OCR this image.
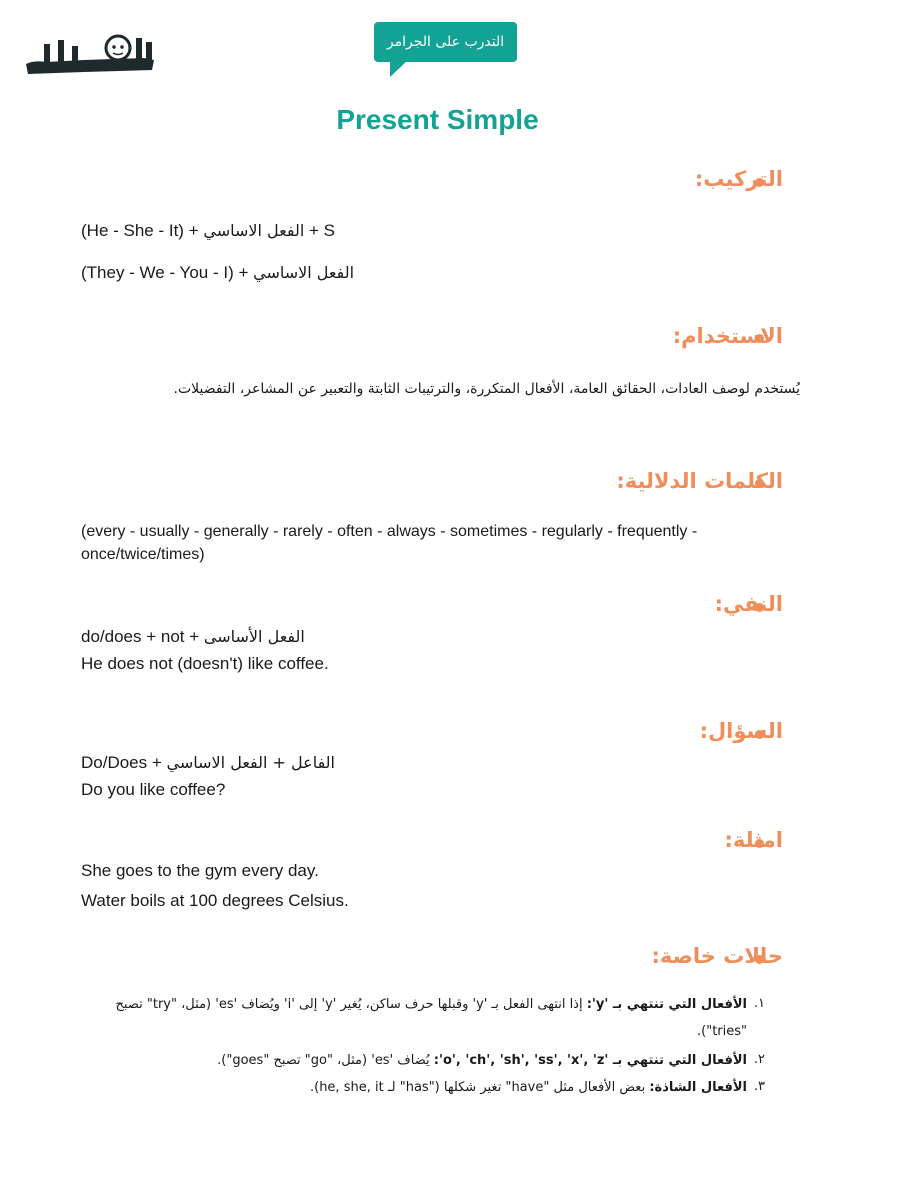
دليل الستيب
التدرب على الجرامر
Present Simple
التركيب:
(He - She - It) + الفعل الاساسي + S
(They - We - You - I) + الفعل الاساسي
الاستخدام:
يُستخدم لوصف العادات، الحقائق العامة، الأفعال المتكررة، والترتيبات الثابتة والتعبير عن المشاعر، التفضيلات.
الكلمات الدلالية:
(every - usually - generally - rarely - often - always - sometimes - regularly - frequently - once/twice/times)
النفي:
do/does + not + الفعل الأساسى
He does not (doesn't) like coffee.
السؤال:
Do/Does + الفاعل + الفعل الاساسي
Do you like coffee?
امثلة:
She goes to the gym every day.
Water boils at 100 degrees Celsius.
حالات خاصة:
.١
الأفعال التي تنتهي بـ 'y': إذا انتهى الفعل بـ 'y' وقبلها حرف ساكن، يُغير 'y' إلى 'i' ويُضاف 'es' (مثل، "try" تصبح "tries").
.٢
الأفعال التي تنتهي بـ 'o', 'ch', 'sh', 'ss', 'x', 'z': يُضاف 'es' (مثل، "go" تصبح "goes").
.٣
الأفعال الشاذة: بعض الأفعال مثل "have" تغير شكلها ("has" لـ he, she, it).
